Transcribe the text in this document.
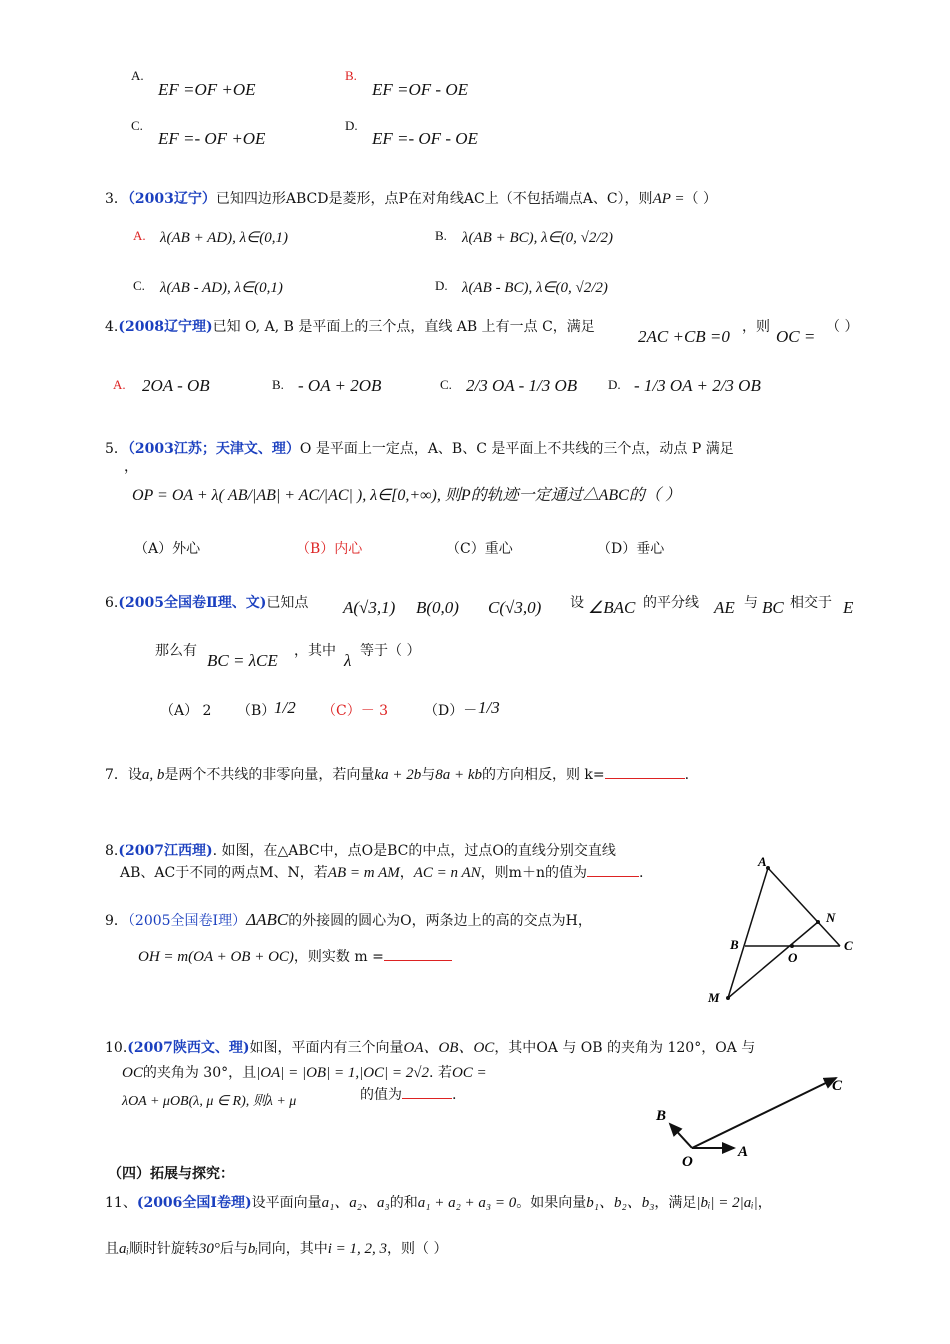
A.
EF =OF +OE
B.
EF =OF - OE
C.
EF =- OF +OE
D.
EF =- OF - OE
3．（2003辽宁）已知四边形ABCD是菱形，点P在对角线AC上（不包括端点A、C），则AP =（ ）
A. λ(AB + AD), λ∈(0,1)	B. λ(AB + BC), λ∈(0, √2/2)
C. λ(AB - AD), λ∈(0,1)	D. λ(AB - BC), λ∈(0, √2/2)
4.(2008辽宁理)已知 O, A, B 是平面上的三个点，直线 AB 上有一点 C，满足	2AC +CB =0 ，则 OC = （ ）
A. 2OA - OB	B. - OA + 2OB	C. 2/3 OA - 1/3 OB D. - 1/3 OA + 2/3 OB
5．（2003江苏；天津文、理）O 是平面上一定点，A、B、C 是平面上不共线的三个点，动点 P 满足
，
OP = OA + λ( AB/|AB| + AC/|AC| ), λ∈[0,+∞), 则P的轨迹一定通过△ABC的（ ）
（A）外心	（B）内心	（C）重心	（D）垂心
6.(2005全国卷Ⅱ理、文)已知点 A(√3,1) B(0,0) C(√3,0) 设 ∠BAC 的平分线 AE 与 BC 相交于 E
那么有 BC = λCE ，其中 λ 等于（ ）
（A） 2 （B）
1/2 （C）－ 3	（D）－ 1/3
7．设a, b是两个不共线的非零向量，若向量ka + 2b与8a + kb的方向相反，则 k=	.
8.(2007江西理). 如图，在△ABC中，点O是BC的中点，过点O的直线分别交直线
AB、AC于不同的两点M、N，若AB = m AM，AC = n AN，则m＋n的值为	.
9．（2005全国卷Ⅰ理）ΔABC的外接圆的圆心为O，两条边上的高的交点为H，
OH = m(OA + OB + OC)，则实数 m =
A
N
B
O
C
M
10.(2007陕西文、理)如图，平面内有三个向量OA、OB、OC，其中OA 与 OB 的夹角为 120°，OA 与
OC的夹角为 30°，且|OA| = |OB| = 1,|OC| = 2√2. 若OC =
λOA + μOB(λ, μ ∈ R), 则λ + μ	的值为	.
C
B
O
A
（四）拓展与探究：
11、(2006全国Ⅰ卷理)设平面向量a₁、a₂、a₃的和a₁ + a₂ + a₃ = 0。如果向量b₁、b₂、b₃，满足|bᵢ| = 2|aᵢ|，
且aᵢ顺时针旋转30°后与bᵢ同向，其中i = 1, 2, 3，则（ ）
